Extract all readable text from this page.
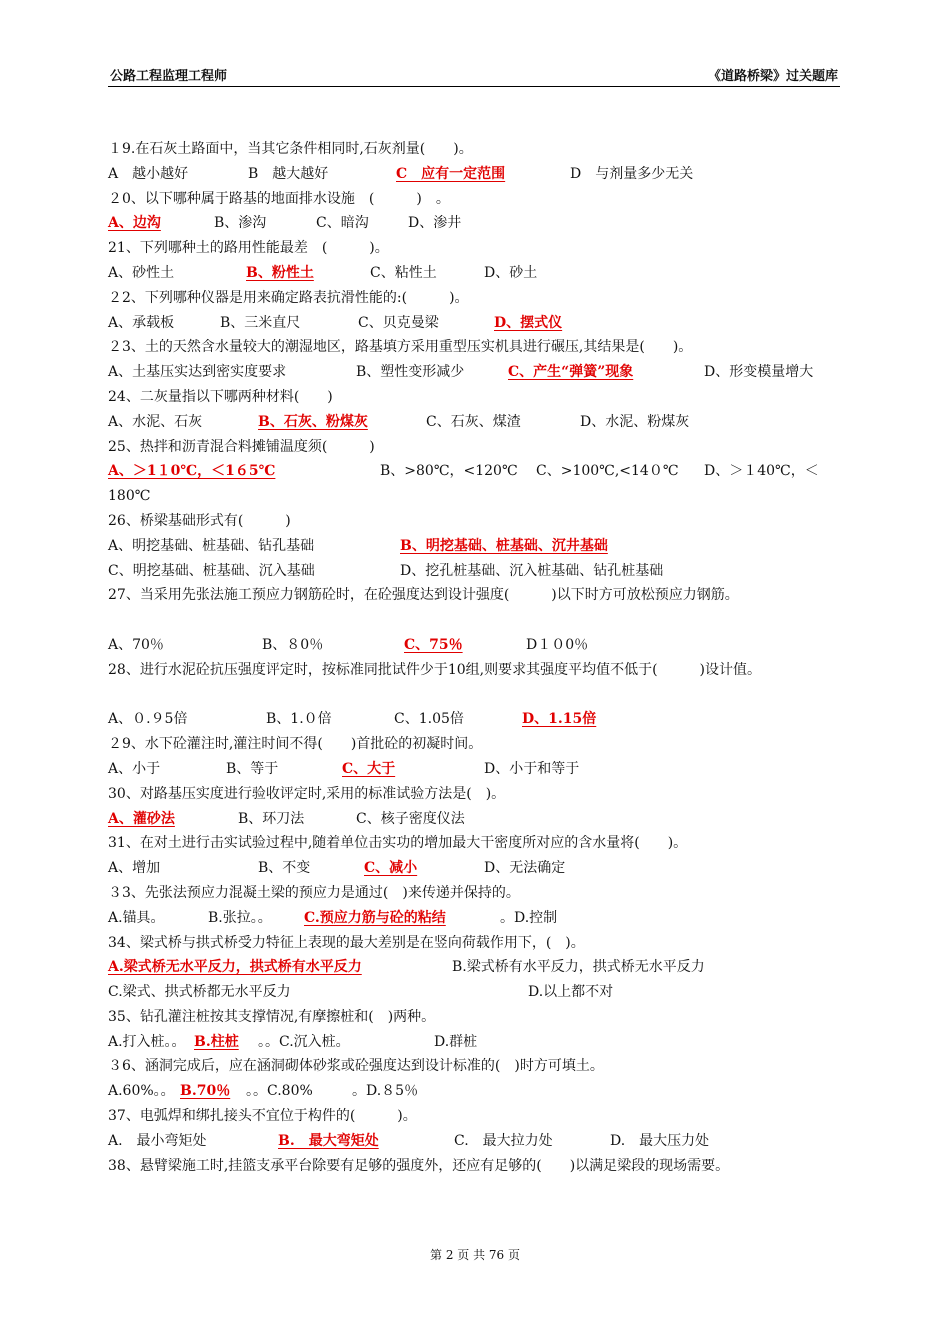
公路工程监理工程师	《道路桥梁》过关题库
１9.在石灰土路面中，当其它条件相同时,石灰剂量(　　)。
A　越小越好	B　越大越好	C　应有一定范围	D　与剂量多少无关
２0、以下哪种属于路基的地面排水设施　(　　　)　。
A、边沟	B、渗沟	C、暗沟	D、渗井
21、下列哪种土的路用性能最差　(　　　)。
A、砂性土	B、粉性土	C、粘性土	D、砂土
２2、下列哪种仪器是用来确定路表抗滑性能的:(　　　)。
A、承载板	B、三米直尺	C、贝克曼梁	D、摆式仪
２3、土的天然含水量较大的潮湿地区，路基填方采用重型压实机具进行碾压,其结果是(　　)。
A、土基压实达到密实度要求	B、塑性变形减少	C、产生“弹簧”现象	D、形变模量增大
24、二灰量指以下哪两种材料(　　)
A、水泥、石灰	B、石灰、粉煤灰	C、石灰、煤渣	D、水泥、粉煤灰
25、热拌和沥青混合料摊铺温度须(　　　)
A、＞1１0℃，＜1６5℃	B、>80℃，<120℃ C、>100℃,<14０℃ D、＞１40℃，＜
180℃
26、桥梁基础形式有(　　　)
A、明挖基础、桩基础、钻孔基础	B、明挖基础、桩基础、沉井基础
C、明挖基础、桩基础、沉入基础	D、挖孔桩基础、沉入桩基础、钻孔桩基础
27、当采用先张法施工预应力钢筋砼时，在砼强度达到设计强度(　　　)以下时方可放松预应力钢筋。
A、70％	B、８0％	C、75％	D１０0％
28、进行水泥砼抗压强度评定时，按标准同批试件少于10组,则要求其强度平均值不低于(　　　)设计值。
A、０.９5倍	B、1.０倍	C、1.05倍	D、1.15倍
２9、水下砼灌注时,灌注时间不得(　　)首批砼的初凝时间。
A、小于	B、等于	C、大于	D、小于和等于
30、对路基压实度进行验收评定时,采用的标准试验方法是(　)。
A、灌砂法	B、环刀法	C、核子密度仪法
31、在对土进行击实试验过程中,随着单位击实功的增加最大干密度所对应的含水量将(　　)。
A、增加	B、不变	C、减小	D、无法确定
３3、先张法预应力混凝土梁的预应力是通过(　)来传递并保持的。
A.锚具。	B.张拉。。 C.预应力筋与砼的粘结	。D.控制
34、梁式桥与拱式桥受力特征上表现的最大差别是在竖向荷载作用下，(　)。
A.梁式桥无水平反力，拱式桥有水平反力	B.梁式桥有水平反力，拱式桥无水平反力
C.梁式、拱式桥都无水平反力	D.以上都不对
35、钻孔灌注桩按其支撑情况,有摩擦桩和(　)两种。
A.打入桩。。 B.柱桩 。。C.沉入桩。	D.群桩
３6、涵洞完成后，应在涵洞砌体砂浆或砼强度达到设计标准的(　)时方可填土。
A.60%。。 B.70％ 。。C.80%	。D.８5％
37、电弧焊和绑扎接头不宜位于构件的(　　　)。
A.　最小弯矩处	B.　最大弯矩处	C.　最大拉力处	D.　最大压力处
38、悬臂梁施工时,挂篮支承平台除要有足够的强度外，还应有足够的(　　)以满足梁段的现场需要。
第 2 页 共 76 页
